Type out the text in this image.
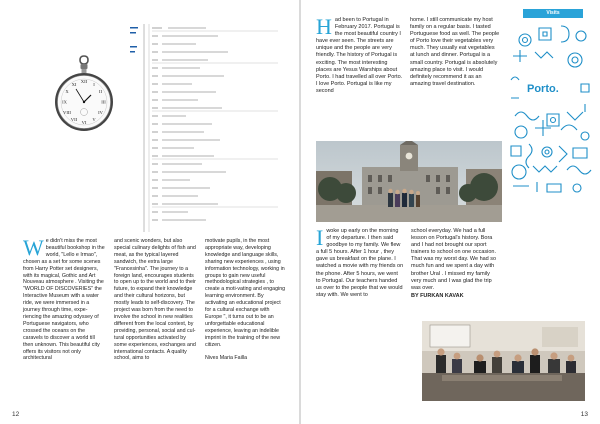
XII
I
II
III
IV
V
VI
VII
VIII
IX
X
XI
W e didn't miss the most beautiful bookshop in the world, "Lello e Irmao", chosen as a set for some scenes from Harry Potter set designers, with its magical, Gothic and Art Nouveau atmosphere . Visiting the "WORLD OF DISCOVERIES" the Interactive Museum with a water ride, we were immersed in a journey through time, expe-riencing the amazing odyssey of Portuguese navigators, who crossed the oceans on the caravels to discover a world till then unknown. This beautiful city offers its visitors not only architectural

and scenic wonders, but also special culinary delights of fish and meat, as the typical layered sandwich, the extra large "Francesinha". The journey to a foreign land, encourages students to open up to the world and to their future, to expand their knowledge and their cultural horizons, but mostly leads to self-discovery. The project was born from the need to involve the school in new realities different from the local context, by providing, personal, social and cul-tural opportunities activated by some experiences, exchanges and international contacts. A quality school, aims to

motivate pupils, in the most appropriate way, developing knowledge and language skills, sharing new experiences , using information technology, working in groups to gain new useful methodological strategies , to create a moti-vating and engaging learning environment. By activating an educational project for a cultural exchange with Europe ", it turns out to be an unforgettable educational experience, leaving an indelible imprint in the training of the new citizen.

Nives Maria Failla
12
H ad been to Portugal in February 2017. Portugal is the most beautiful country I have ever seen. The streets are unique and the people are very friendly. The history of Portugal is exciting. The most interesting places are Yesus Warships about Porto. I had travelled all over Porto. I love Porto. Portugal is like my second

home. I still communicate my host family on a regular basis. I tasted Portuguese food as well. The people of Porto love their vegetables very much. They usually eat vegetables at lunch and dinner. Portugal is a small country. Portugal is absolutely amazing place to visit. I would definitely recommend it as an amazing travel destination.

Visits
Porto.
I woke up early on the morning of my departure. I then said goodbye to my family. We flew a full 5 hours. After 1 hour , they gave us breakfast on the plane. I watched a movie with my friends on the phone. After 5 hours, we went to Portugal. Our teachers handed us over to the people that we would stay with. We went to

school everyday. We had a full lesson on Portugal's history. Bora and I had not brought our sport trainers to school on one occasion. That was my worst day. We had so much fun and we spent a day with brother Ural . I missed my family very much and I was glad the trip was over.

BY FURKAN KAVAK
13
